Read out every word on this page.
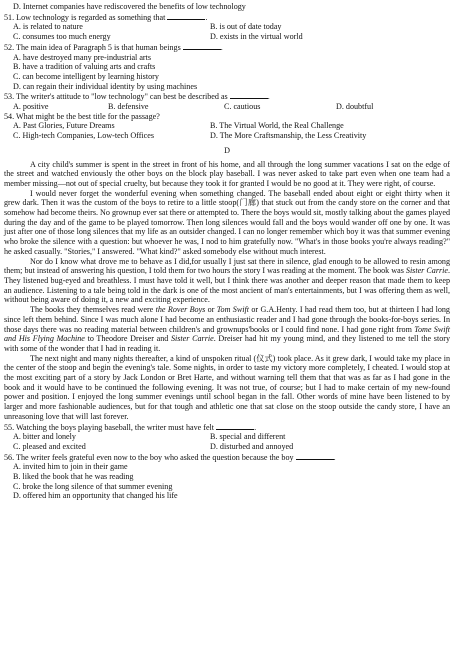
D. Internet companies have rediscovered the benefits of low technology
51. Low technology is regarded as something that	.
A. is related to nature	B. is out of date today
C. consumes too much energy	D. exists in the virtual world
52. The main idea of Paragraph 5 is that human beings	.
A. have destroyed many pre-industrial arts
B. have a tradition of valuing arts and crafts
C. can become intelligent by learning history
D. can regain their individual identity by using machines
53. The writer's attitude to "low technology" can best be described as	.
A. positive	B. defensive	C. cautious	D. doubtful
54. What might be the best title for the passage?
A. Past Glories, Future Dreams	B. The Virtual World, the Real Challenge
C. High-tech Companies, Low-tech Offices	D. The More Craftsmanship, the Less Creativity
D

A city child's summer is spent in the street in front of his home, and all through the long summer vacations I sat on the edge of the street and watched enviously the other boys on the block play baseball. I was never asked to take part even when one team had a member missing—not out of special cruelty, but because they took it for granted I would be no good at it. They were right, of course.

I would never forget the wonderful evening when something changed. The baseball ended about eight or eight thirty when it grew dark. Then it was the custom of the boys to retire to a little stoop(门廊) that stuck out from the candy store on the corner and that somehow had become theirs. No grownup ever sat there or attempted to. There the boys would sit, mostly talking about the games played during the day and of the game to be played tomorrow. Then long silences would fall and the boys would wander off one by one. It was just after one of those long silences that my life as an outsider changed. I can no longer remember which boy it was that summer evening who broke the silence with a question: but whoever he was, I nod to him gratefully now. "What's in those books you're always reading?" he asked casually. "Stories," I answered. "What kind?" asked somebody else without much interest.

Nor do I know what drove me to behave as I did,for usually I just sat there in silence, glad enough to be allowed to resin among them; but instead of answering his question, I told them for two hours the story I was reading at the moment. The book was Sister Carrie. They listened bug-eyed and breathless. I must have told it well, but I think there was another and deeper reason that made them to keep an audience. Listening to a tale being told in the dark is one of the most ancient of man's entertainments, but I was offering them as well, without being aware of doing it, a new and exciting experience.

The books they themselves read were the Rover Boys or Tom Swift or G.A.Henty. I had read them too, but at thirteen I had long since left them behind. Since I was much alone I had become an enthusiastic reader and I had gone through the books-for-boys series. In those days there was no reading material between children's and grownups'books or I could find none. I had gone right from Tome Swift and His Flying Machine to Theodore Dreiser and Sister Carrie. Dreiser had hit my young mind, and they listened to me tell the story with some of the wonder that I had in reading it.

The next night and many nights thereafter, a kind of unspoken ritual (仪式) took place. As it grew dark, I would take my place in the center of the stoop and begin the evening's tale. Some nights, in order to taste my victory more completely, I cheated. I would stop at the most exciting part of a story by Jack London or Bret Harte, and without warning tell them that that was as far as I had gone in the book and it would have to be continued the following evening. It was not true, of course; but I had to make certain of my new-found power and position. I enjoyed the long summer evenings until school began in the fall. Other words of mine have been listened to by larger and more fashionable audiences, but for that tough and athletic one that sat close on the stoop outside the candy store, I have an unreasoning love that will last forever.

55. Watching the boys playing baseball, the writer must have felt	.
A. bitter and lonely	B. special and different
C. pleased and excited	D. disturbed and annoyed
56. The writer feels grateful even now to the boy who asked the question because the boy	.
A. invited him to join in their game
B. liked the book that he was reading
C. broke the long silence of that summer evening
D. offered him an opportunity that changed his life
